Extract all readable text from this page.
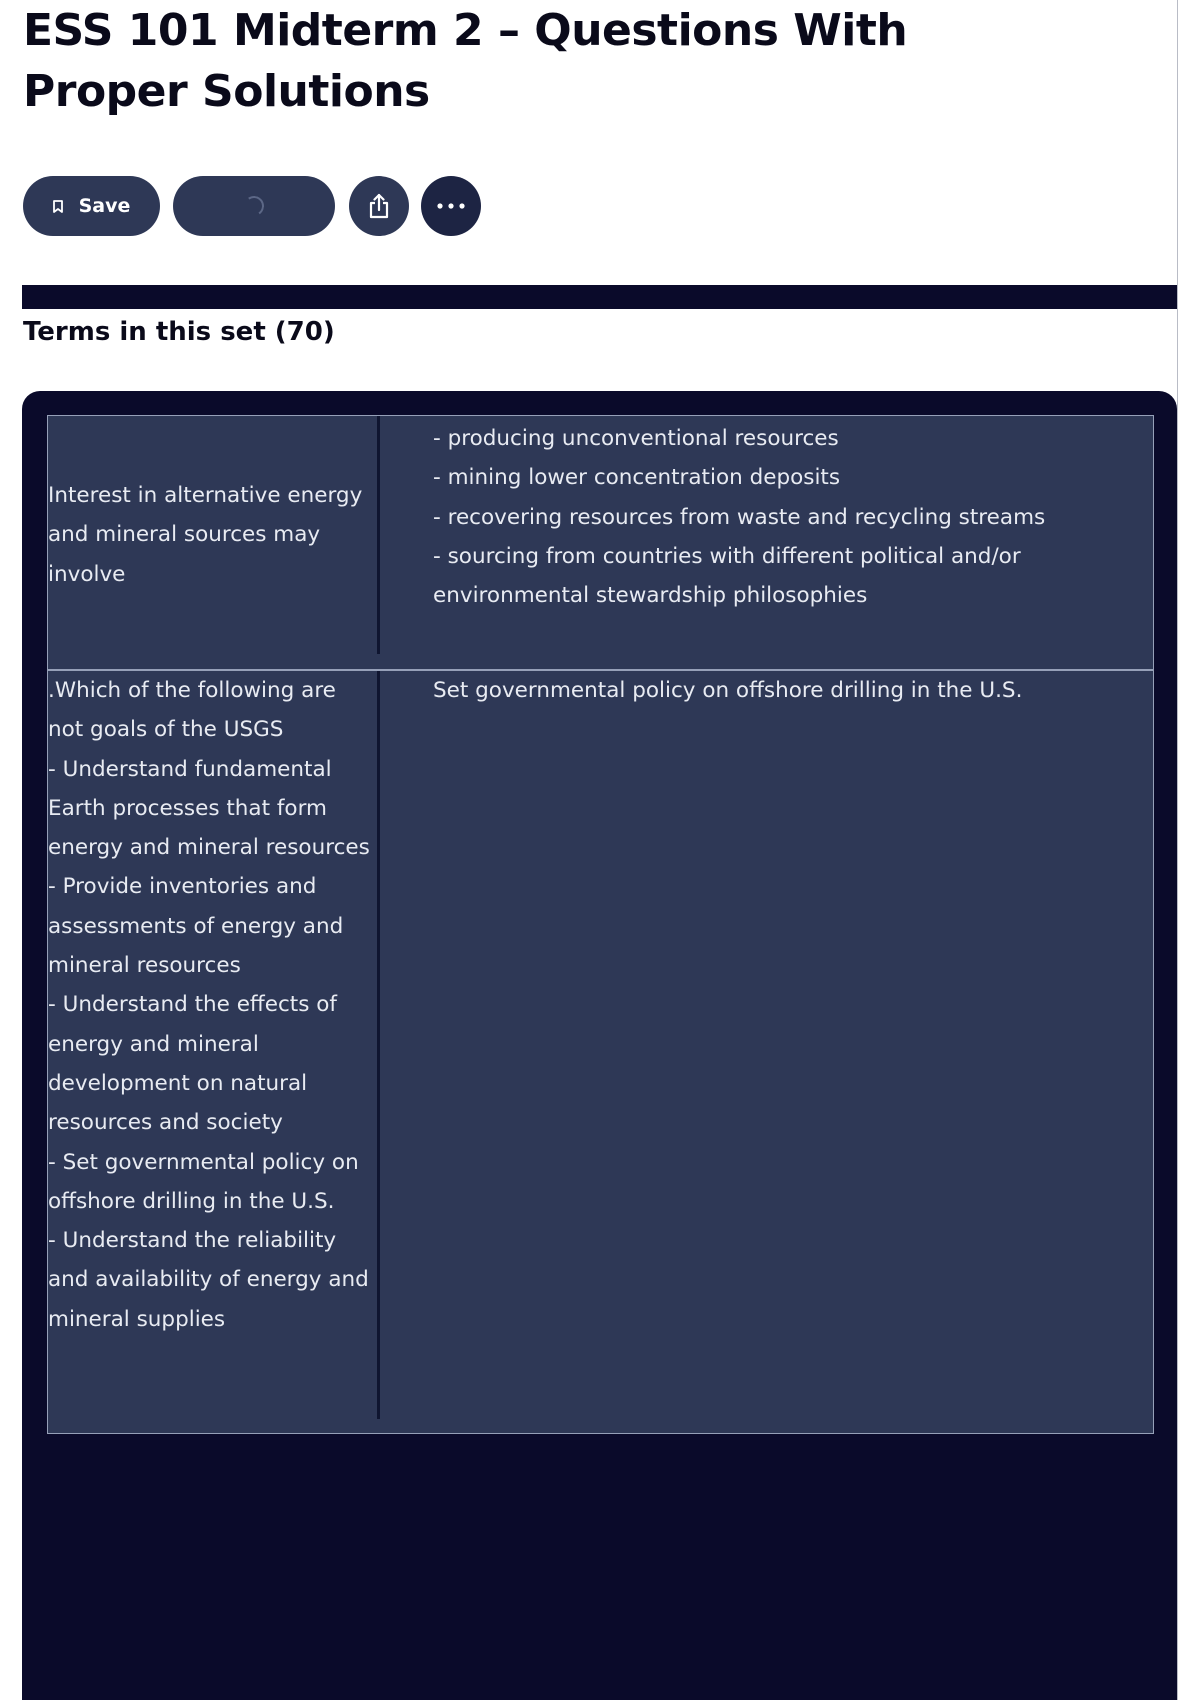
ESS 101 Midterm 2 – Questions With Proper Solutions
Save
Terms in this set (70)
Interest in alternative energy and mineral sources may involve
- producing unconventional resources
- mining lower concentration deposits
- recovering resources from waste and recycling streams
- sourcing from countries with different political and/or environmental stewardship philosophies
.Which of the following are not goals of the USGS
- Understand fundamental Earth processes that form energy and mineral resources
- Provide inventories and assessments of energy and mineral resources
- Understand the effects of energy and mineral development on natural resources and society
- Set governmental policy on offshore drilling in the U.S.
- Understand the reliability and availability of energy and mineral supplies
Set governmental policy on offshore drilling in the U.S.
